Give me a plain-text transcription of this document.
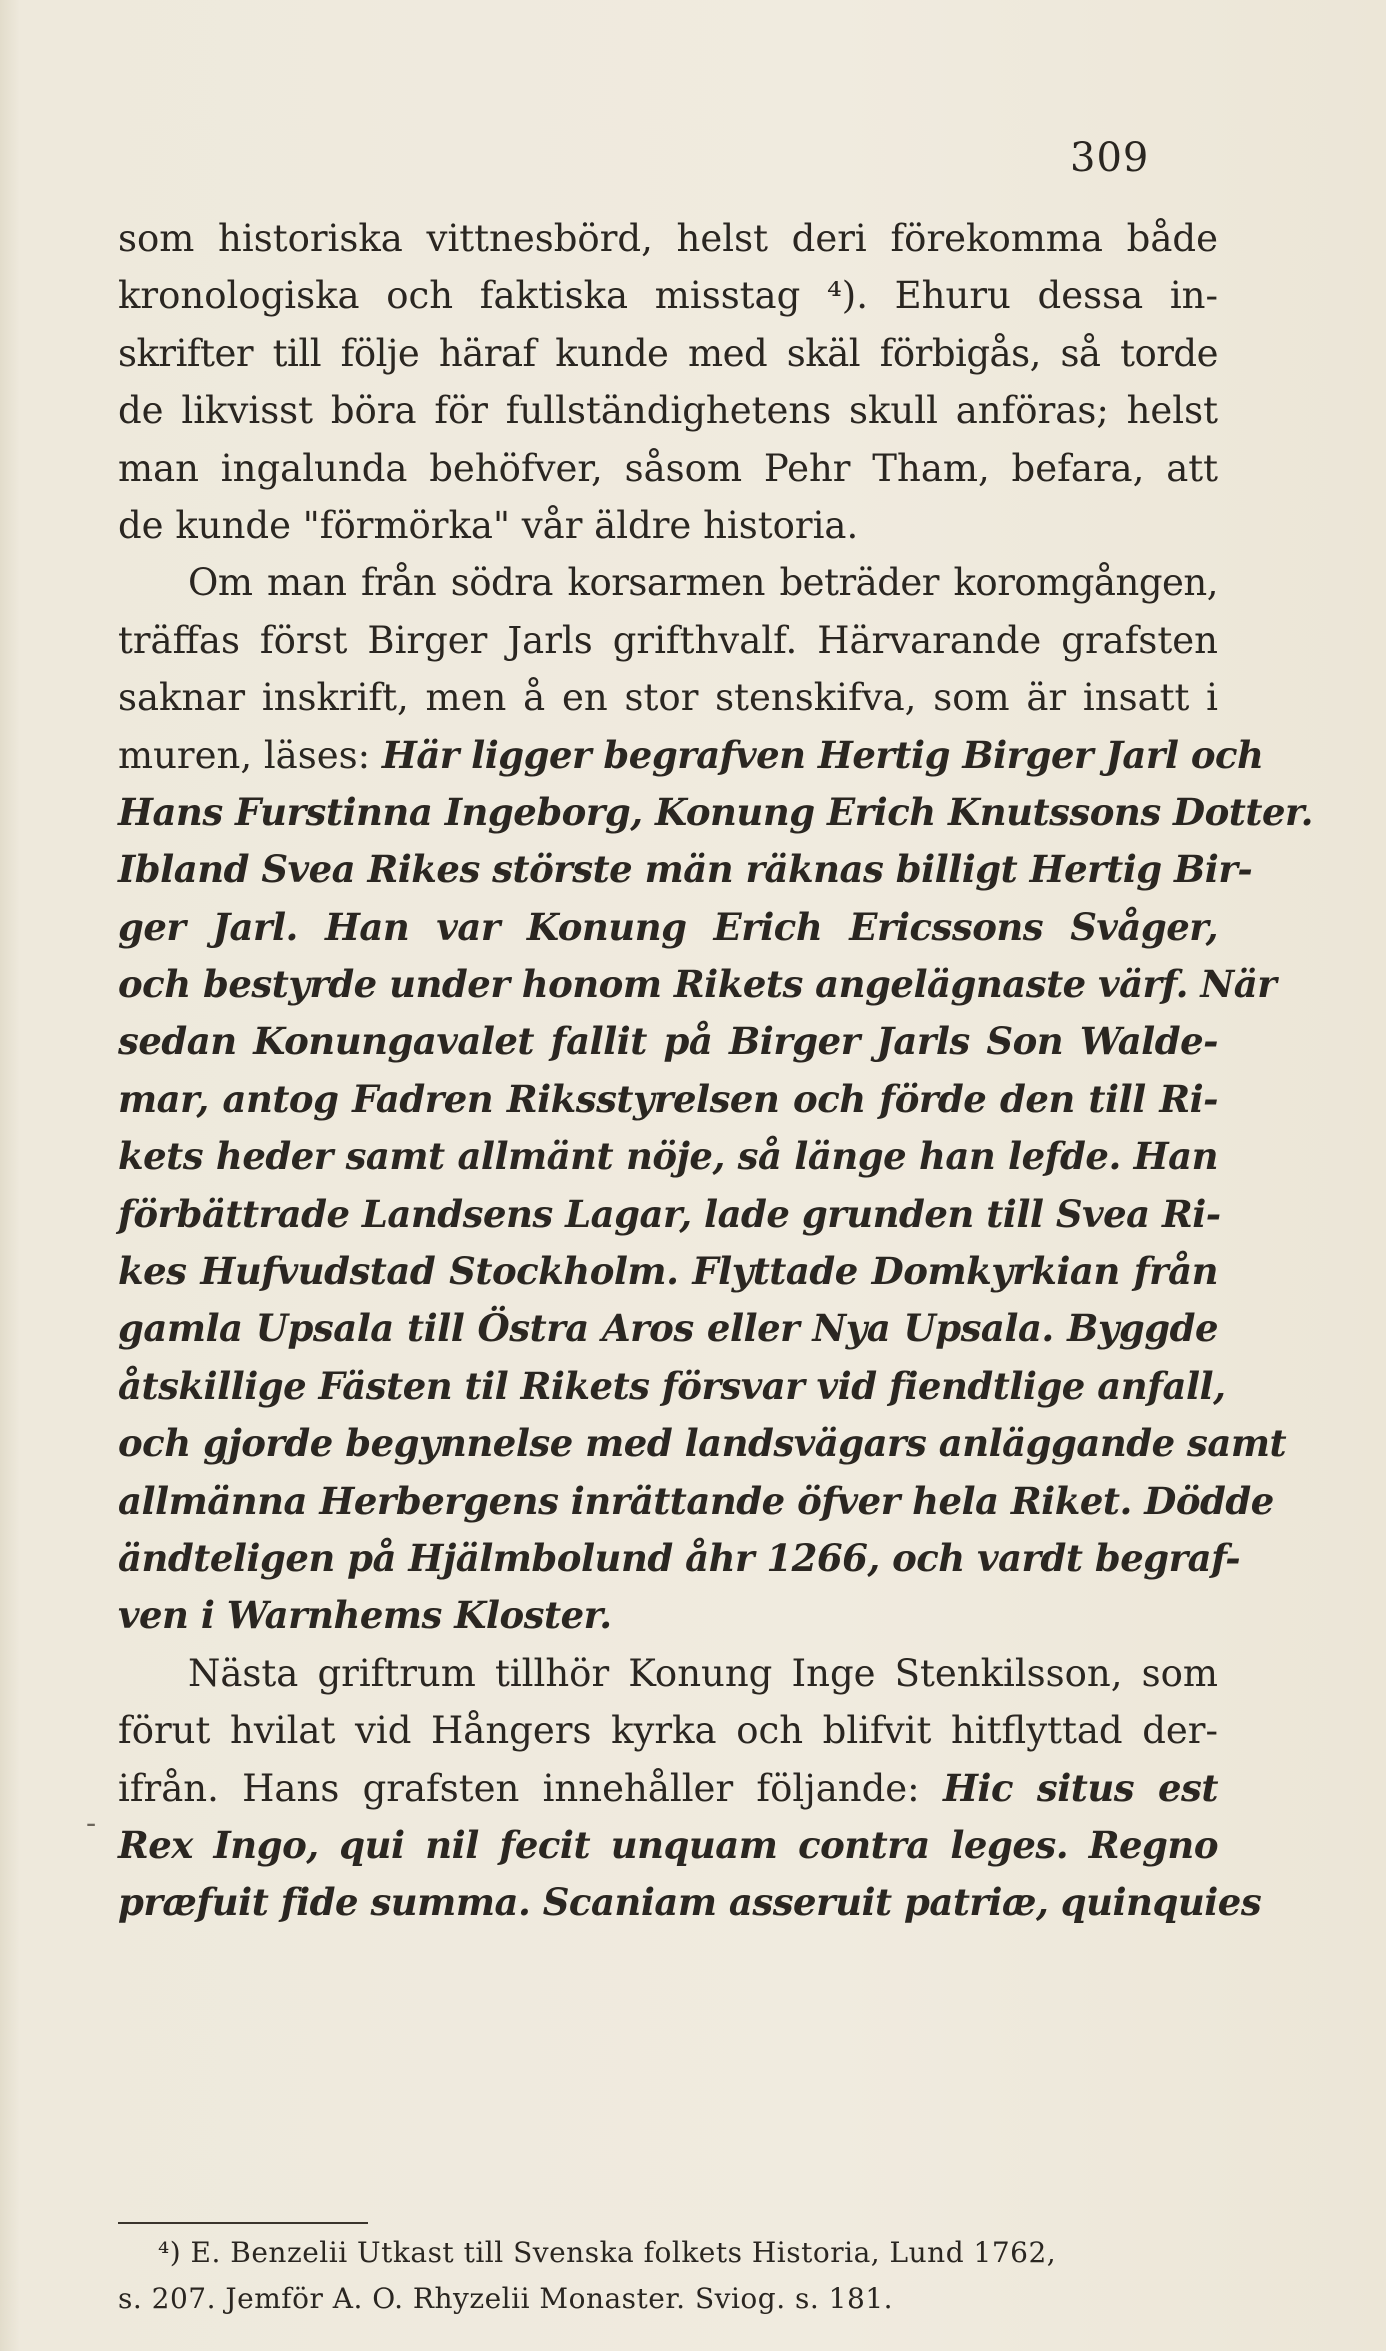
309
som historiska vittnesbörd, helst deri förekomma både
kronologiska och faktiska misstag ⁴). Ehuru dessa in-
skrifter till följe häraf kunde med skäl förbigås, så torde
de likvisst böra för fullständighetens skull anföras; helst
man ingalunda behöfver, såsom Pehr Tham, befara, att
de kunde "förmörka" vår äldre historia.
Om man från södra korsarmen beträder koromgången,
träffas först Birger Jarls grifthvalf. Härvarande grafsten
saknar inskrift, men å en stor stenskifva, som är insatt i
muren, läses: Här ligger begrafven Hertig Birger Jarl och
Hans Furstinna Ingeborg, Konung Erich Knutssons Dotter.
Ibland Svea Rikes störste män räknas billigt Hertig Bir-
ger Jarl. Han var Konung Erich Ericssons Svåger,
och bestyrde under honom Rikets angelägnaste värf. När
sedan Konungavalet fallit på Birger Jarls Son Walde-
mar, antog Fadren Riksstyrelsen och förde den till Ri-
kets heder samt allmänt nöje, så länge han lefde. Han
förbättrade Landsens Lagar, lade grunden till Svea Ri-
kes Hufvudstad Stockholm. Flyttade Domkyrkian från
gamla Upsala till Östra Aros eller Nya Upsala. Byggde
åtskillige Fästen til Rikets försvar vid fiendtlige anfall,
och gjorde begynnelse med landsvägars anläggande samt
allmänna Herbergens inrättande öfver hela Riket. Dödde
ändteligen på Hjälmbolund åhr 1266, och vardt begraf-
ven i Warnhems Kloster.
Nästa griftrum tillhör Konung Inge Stenkilsson, som
förut hvilat vid Hångers kyrka och blifvit hitflyttad der-
ifrån. Hans grafsten innehåller följande: Hic situs est
Rex Ingo, qui nil fecit unquam contra leges. Regno
præfuit fide summa. Scaniam asseruit patriæ, quinquies
-
⁴) E. Benzelii Utkast till Svenska folkets Historia, Lund 1762,
s. 207. Jemför A. O. Rhyzelii Monaster. Sviog. s. 181.
